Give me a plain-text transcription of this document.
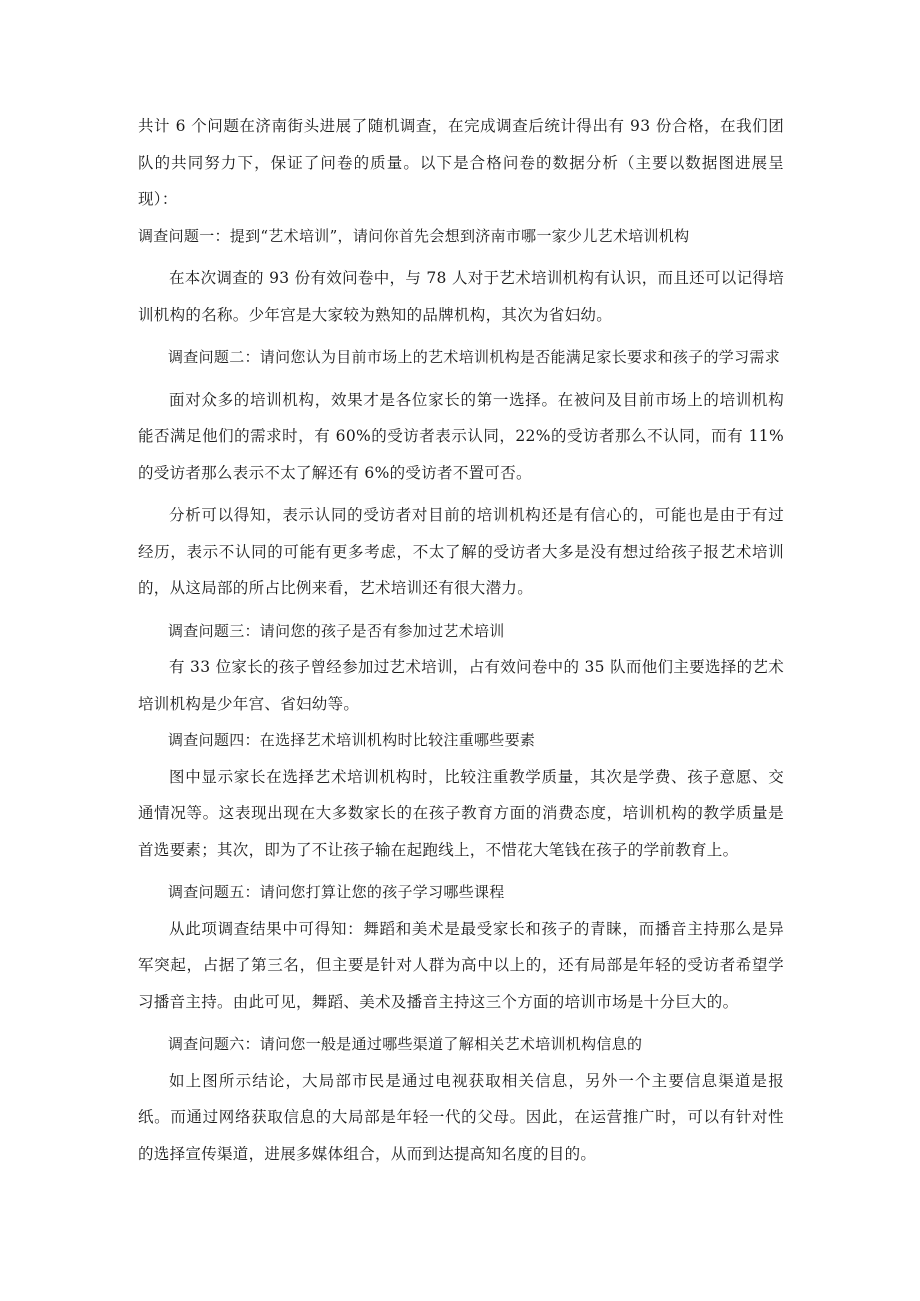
共计 6 个问题在济南街头进展了随机调查，在完成调查后统计得出有 93 份合格，在我们团队的共同努力下，保证了问卷的质量。以下是合格问卷的数据分析（主要以数据图进展呈现）：

调查问题一：提到“艺术培训”，请问你首先会想到济南市哪一家少儿艺术培训机构

在本次调查的 93 份有效问卷中，与 78 人对于艺术培训机构有认识，而且还可以记得培训机构的名称。少年宫是大家较为熟知的品牌机构，其次为省妇幼。

调查问题二：请问您认为目前市场上的艺术培训机构是否能满足家长要求和孩子的学习需求

面对众多的培训机构，效果才是各位家长的第一选择。在被问及目前市场上的培训机构能否满足他们的需求时，有 60%的受访者表示认同，22%的受访者那么不认同，而有 11%的受访者那么表示不太了解还有 6%的受访者不置可否。

分析可以得知，表示认同的受访者对目前的培训机构还是有信心的，可能也是由于有过经历，表示不认同的可能有更多考虑，不太了解的受访者大多是没有想过给孩子报艺术培训的，从这局部的所占比例来看，艺术培训还有很大潜力。

调查问题三：请问您的孩子是否有参加过艺术培训

有 33 位家长的孩子曾经参加过艺术培训，占有效问卷中的 35 队而他们主要选择的艺术培训机构是少年宫、省妇幼等。

调查问题四：在选择艺术培训机构时比较注重哪些要素

图中显示家长在选择艺术培训机构时，比较注重教学质量，其次是学费、孩子意愿、交通情况等。这表现出现在大多数家长的在孩子教育方面的消费态度，培训机构的教学质量是首选要素；其次，即为了不让孩子输在起跑线上，不惜花大笔钱在孩子的学前教育上。

调查问题五：请问您打算让您的孩子学习哪些课程

从此项调查结果中可得知：舞蹈和美术是最受家长和孩子的青睐，而播音主持那么是异军突起，占据了第三名，但主要是针对人群为高中以上的，还有局部是年轻的受访者希望学习播音主持。由此可见，舞蹈、美术及播音主持这三个方面的培训市场是十分巨大的。

调查问题六：请问您一般是通过哪些渠道了解相关艺术培训机构信息的

如上图所示结论，大局部市民是通过电视获取相关信息，另外一个主要信息渠道是报纸。而通过网络获取信息的大局部是年轻一代的父母。因此，在运营推广时，可以有针对性的选择宣传渠道，进展多媒体组合，从而到达提高知名度的目的。
